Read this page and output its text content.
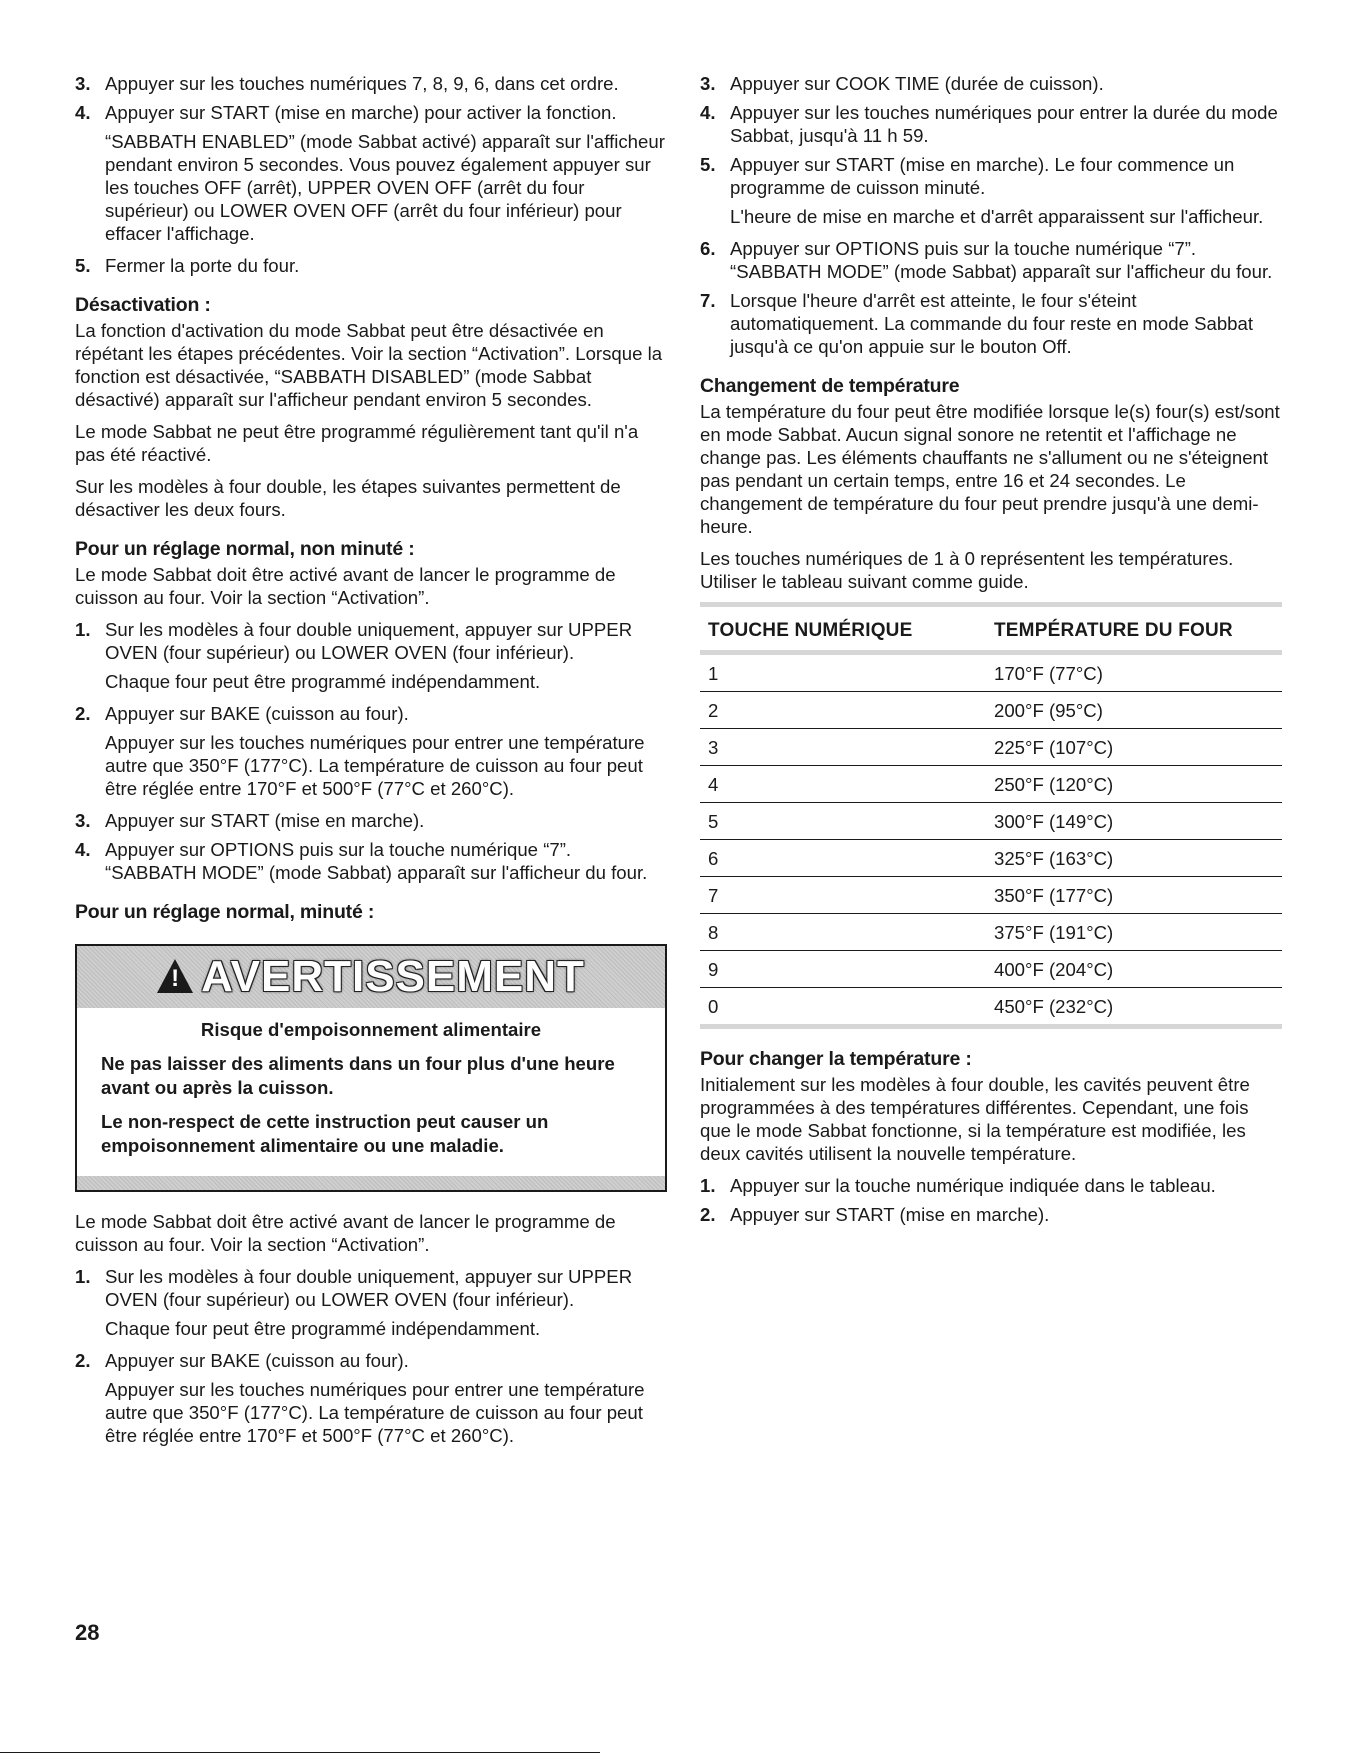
3. Appuyer sur les touches numériques 7, 8, 9, 6, dans cet ordre.
4. Appuyer sur START (mise en marche) pour activer la fonction.

“SABBATH ENABLED” (mode Sabbat activé) apparaît sur l'afficheur pendant environ 5 secondes. Vous pouvez également appuyer sur les touches OFF (arrêt), UPPER OVEN OFF (arrêt du four supérieur) ou LOWER OVEN OFF (arrêt du four inférieur) pour effacer l'affichage.

5. Fermer la porte du four.
Désactivation :

La fonction d'activation du mode Sabbat peut être désactivée en répétant les étapes précédentes. Voir la section “Activation”. Lorsque la fonction est désactivée, “SABBATH DISABLED” (mode Sabbat désactivé) apparaît sur l'afficheur pendant environ 5 secondes.

Le mode Sabbat ne peut être programmé régulièrement tant qu'il n'a pas été réactivé.

Sur les modèles à four double, les étapes suivantes permettent de désactiver les deux fours.

Pour un réglage normal, non minuté :

Le mode Sabbat doit être activé avant de lancer le programme de cuisson au four. Voir la section “Activation”.

1. Sur les modèles à four double uniquement, appuyer sur UPPER OVEN (four supérieur) ou LOWER OVEN (four inférieur).

Chaque four peut être programmé indépendamment.

2. Appuyer sur BAKE (cuisson au four).

Appuyer sur les touches numériques pour entrer une température autre que 350°F (177°C). La température de cuisson au four peut être réglée entre 170°F et 500°F (77°C et 260°C).

3. Appuyer sur START (mise en marche).
4. Appuyer sur OPTIONS puis sur la touche numérique “7”. “SABBATH MODE” (mode Sabbat) apparaît sur l'afficheur du four.
Pour un réglage normal, minuté :
!AVERTISSEMENT
Risque d'empoisonnement alimentaire

Ne pas laisser des aliments dans un four plus d'une heure avant ou après la cuisson.

Le non-respect de cette instruction peut causer un empoisonnement alimentaire ou une maladie.

Le mode Sabbat doit être activé avant de lancer le programme de cuisson au four. Voir la section “Activation”.

1. Sur les modèles à four double uniquement, appuyer sur UPPER OVEN (four supérieur) ou LOWER OVEN (four inférieur).

Chaque four peut être programmé indépendamment.

2. Appuyer sur BAKE (cuisson au four).

Appuyer sur les touches numériques pour entrer une température autre que 350°F (177°C). La température de cuisson au four peut être réglée entre 170°F et 500°F (77°C et 260°C).

3. Appuyer sur COOK TIME (durée de cuisson).
4. Appuyer sur les touches numériques pour entrer la durée du mode Sabbat, jusqu'à 11 h 59.
5. Appuyer sur START (mise en marche). Le four commence un programme de cuisson minuté.

L'heure de mise en marche et d'arrêt apparaissent sur l'afficheur.

6. Appuyer sur OPTIONS puis sur la touche numérique “7”. “SABBATH MODE” (mode Sabbat) apparaît sur l'afficheur du four.
7. Lorsque l'heure d'arrêt est atteinte, le four s'éteint automatiquement. La commande du four reste en mode Sabbat jusqu'à ce qu'on appuie sur le bouton Off.
Changement de température

La température du four peut être modifiée lorsque le(s) four(s) est/sont en mode Sabbat. Aucun signal sonore ne retentit et l'affichage ne change pas. Les éléments chauffants ne s'allument ou ne s'éteignent pas pendant un certain temps, entre 16 et 24 secondes. Le changement de température du four peut prendre jusqu'à une demi-heure.

Les touches numériques de 1 à 0 représentent les températures. Utiliser le tableau suivant comme guide.

TOUCHE NUMÉRIQUE	TEMPÉRATURE DU FOUR
1	170°F (77°C)
2	200°F (95°C)
3	225°F (107°C)
4	250°F (120°C)
5	300°F (149°C)
6	325°F (163°C)
7	350°F (177°C)
8	375°F (191°C)
9	400°F (204°C)
0	450°F (232°C)
Pour changer la température :

Initialement sur les modèles à four double, les cavités peuvent être programmées à des températures différentes. Cependant, une fois que le mode Sabbat fonctionne, si la température est modifiée, les deux cavités utilisent la nouvelle température.

1. Appuyer sur la touche numérique indiquée dans le tableau.
2. Appuyer sur START (mise en marche).
28
